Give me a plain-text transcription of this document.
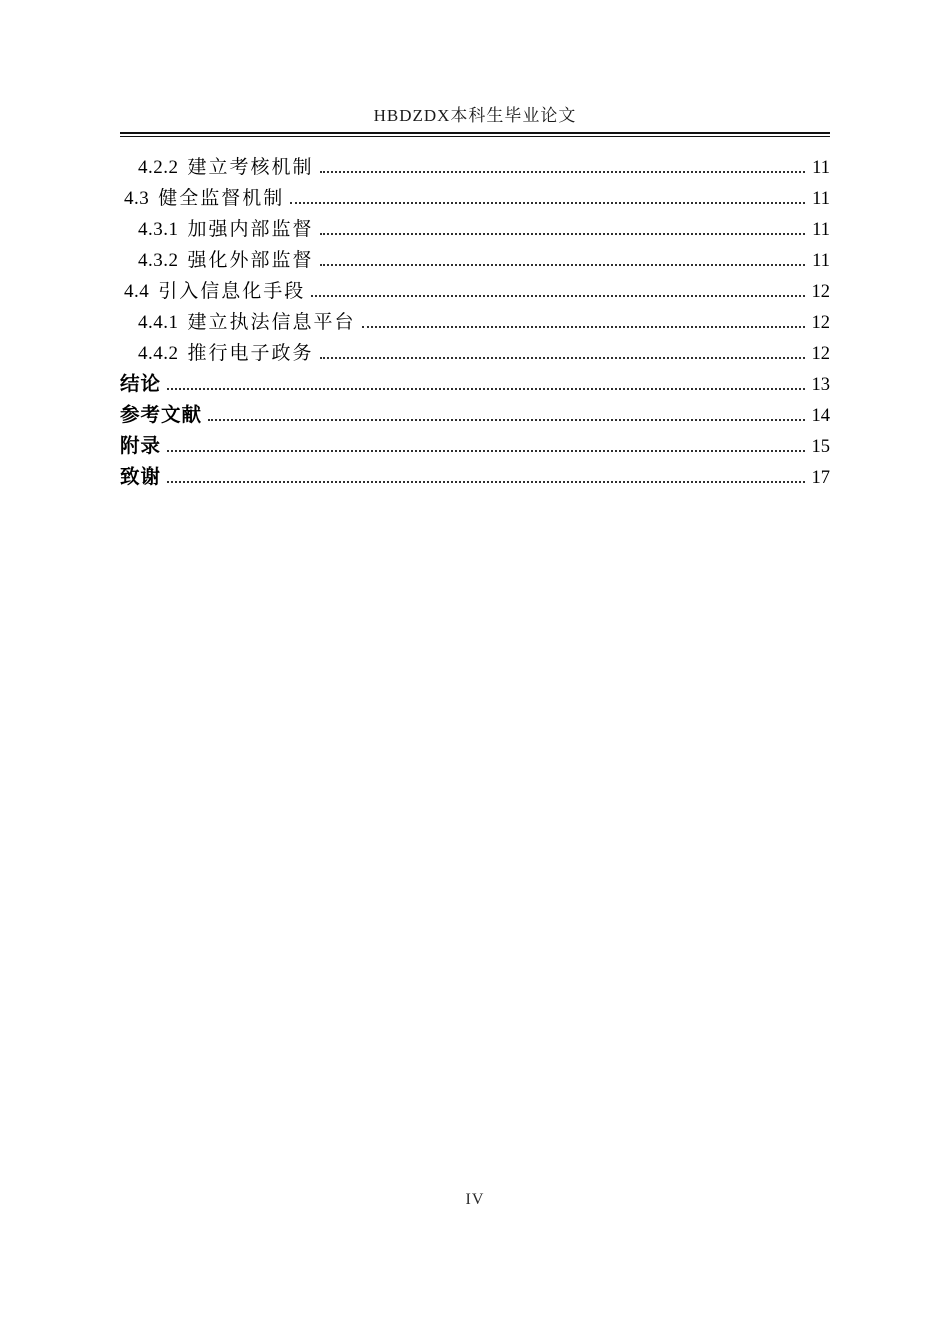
HBDZDX本科生毕业论文
4.2.2 建立考核机制	11
4.3 健全监督机制	11
4.3.1 加强内部监督	11
4.3.2 强化外部监督	11
4.4 引入信息化手段	12
4.4.1 建立执法信息平台	12
4.4.2 推行电子政务	12
结论	13
参考文献	14
附录	15
致谢	17
IV
